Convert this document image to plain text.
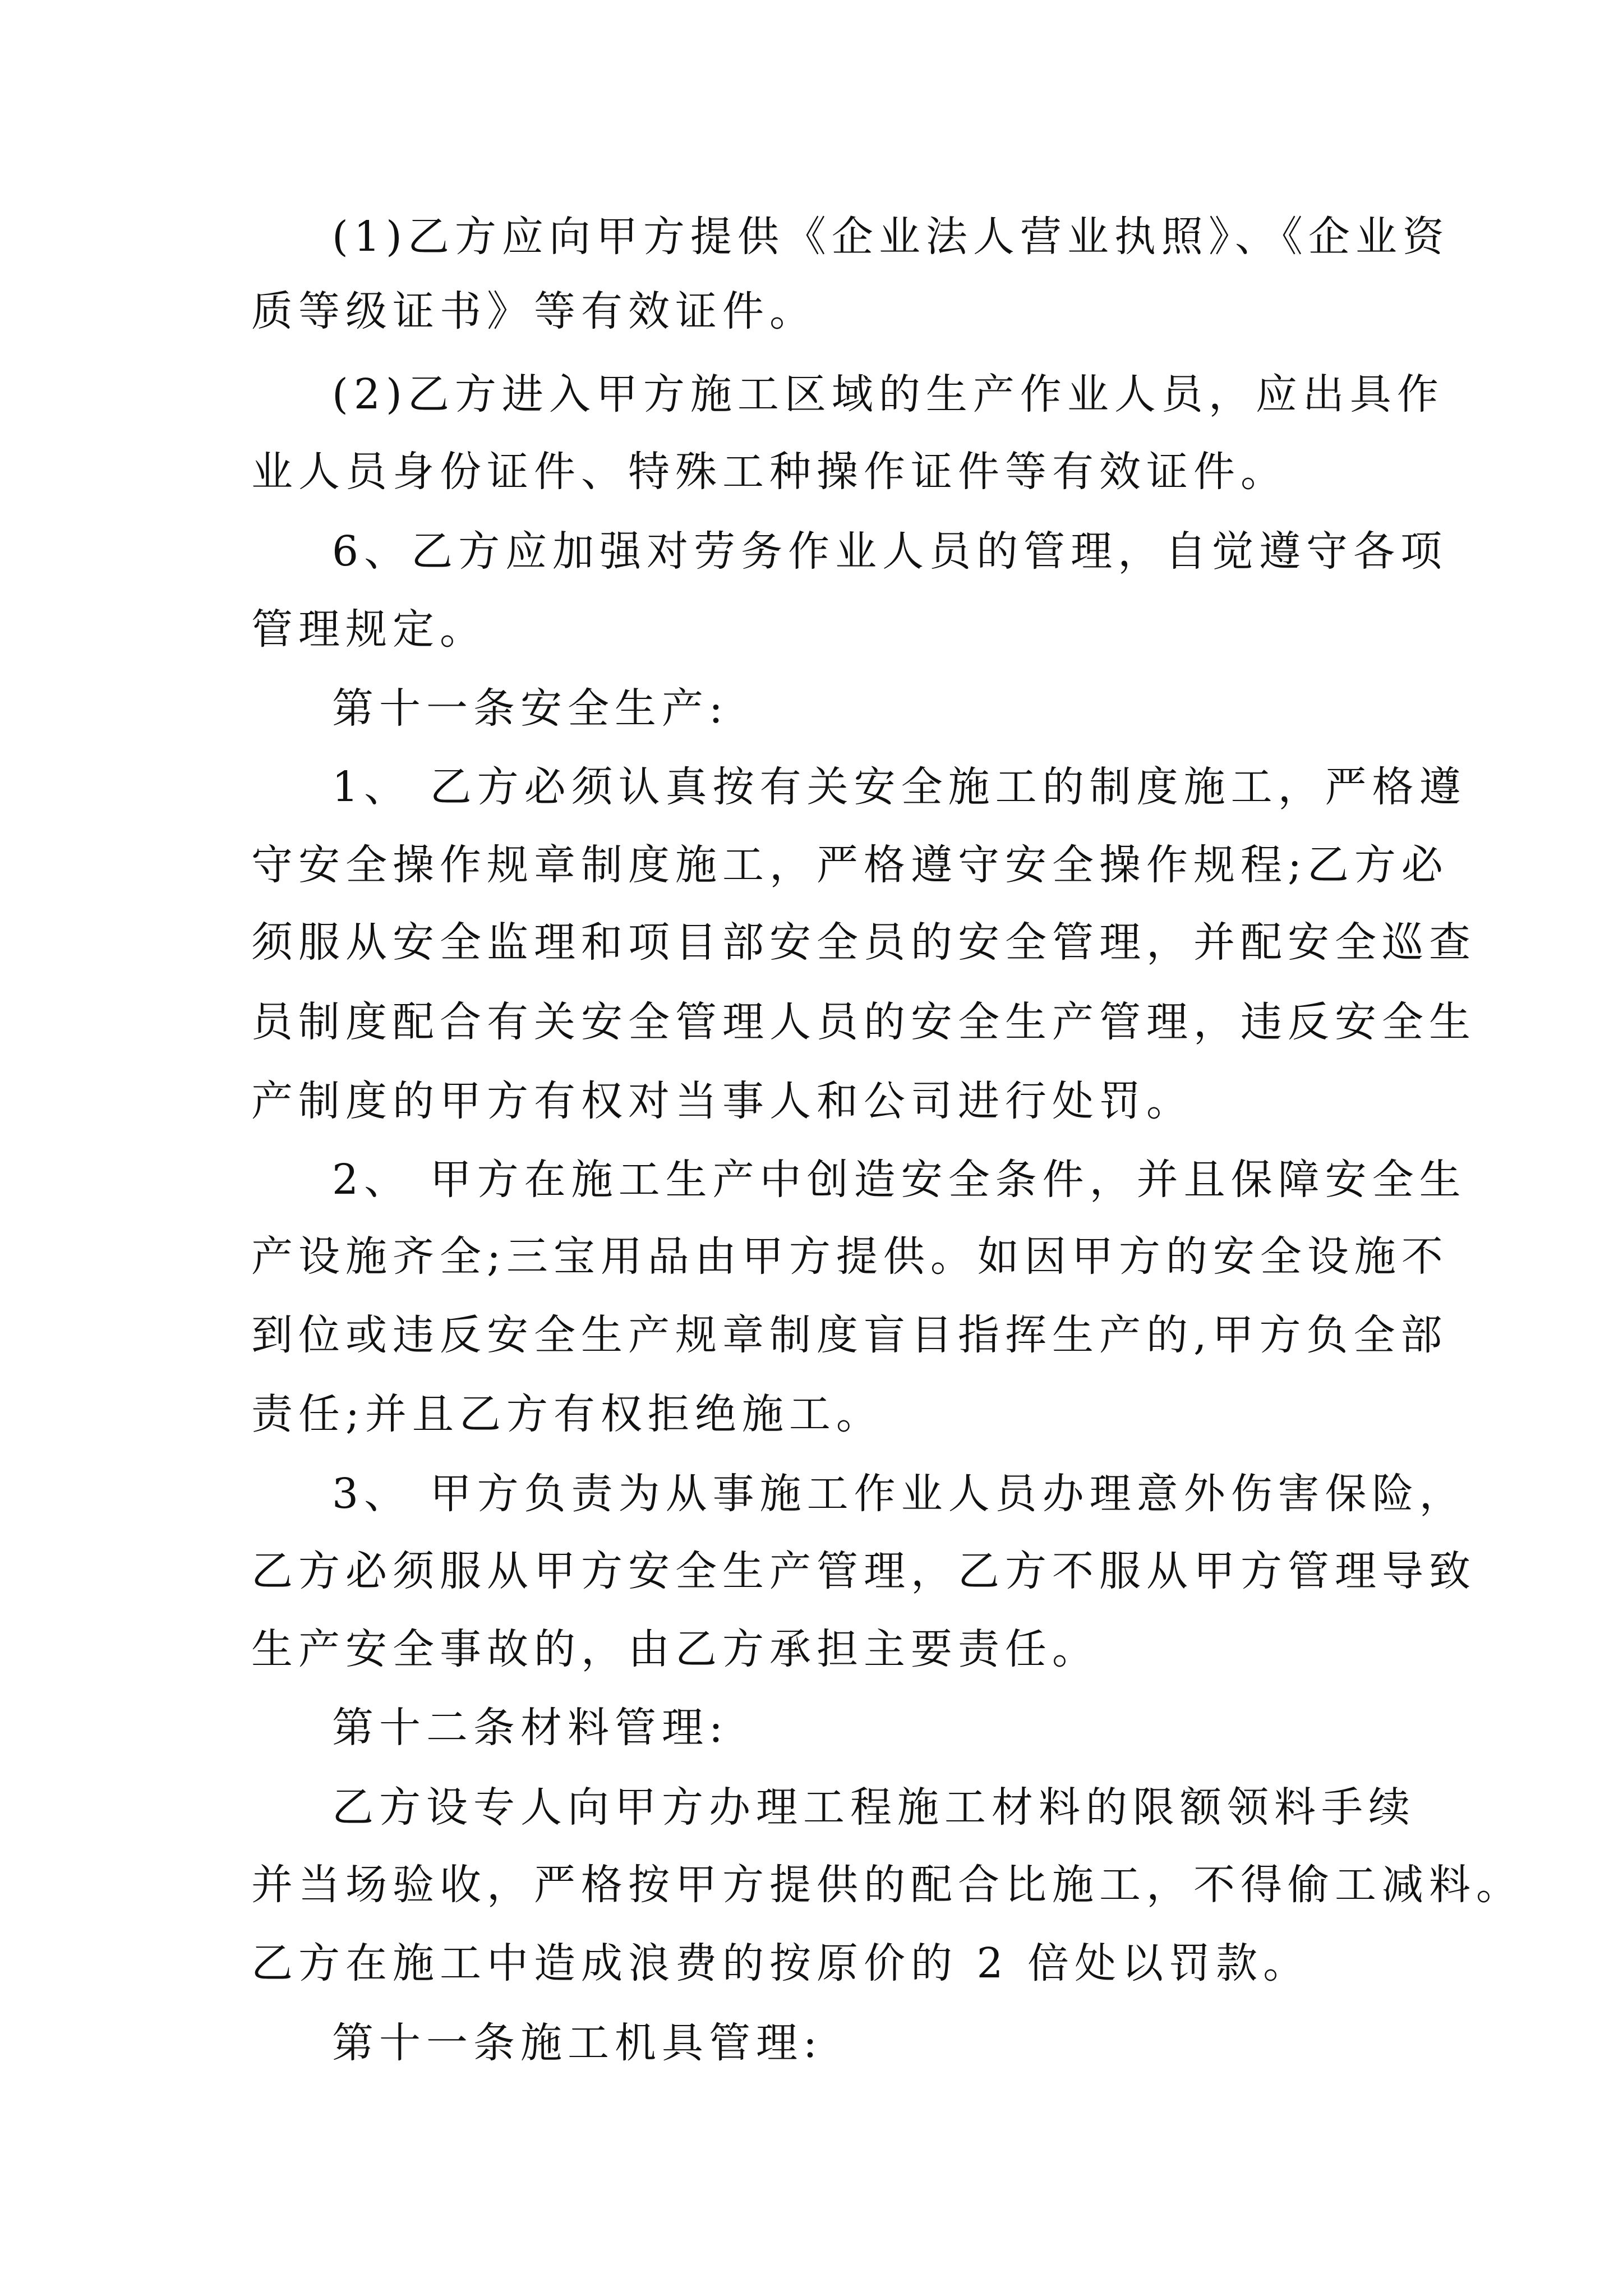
(1)乙方应向甲方提供《企业法人营业执照》、《企业资
质等级证书》等有效证件。
(2)乙方进入甲方施工区域的生产作业人员，应出具作
业人员身份证件、特殊工种操作证件等有效证件。
6、乙方应加强对劳务作业人员的管理，自觉遵守各项
管理规定。
第十一条安全生产:
1、 乙方必须认真按有关安全施工的制度施工，严格遵
守安全操作规章制度施工，严格遵守安全操作规程;乙方必
须服从安全监理和项目部安全员的安全管理，并配安全巡查
员制度配合有关安全管理人员的安全生产管理，违反安全生
产制度的甲方有权对当事人和公司进行处罚。
2、 甲方在施工生产中创造安全条件，并且保障安全生
产设施齐全;三宝用品由甲方提供。如因甲方的安全设施不
到位或违反安全生产规章制度盲目指挥生产的,甲方负全部
责任;并且乙方有权拒绝施工。
3、 甲方负责为从事施工作业人员办理意外伤害保险，
乙方必须服从甲方安全生产管理，乙方不服从甲方管理导致
生产安全事故的，由乙方承担主要责任。
第十二条材料管理:
乙方设专人向甲方办理工程施工材料的限额领料手续
并当场验收，严格按甲方提供的配合比施工，不得偷工减料。
乙方在施工中造成浪费的按原价的 2 倍处以罚款。
第十一条施工机具管理:
